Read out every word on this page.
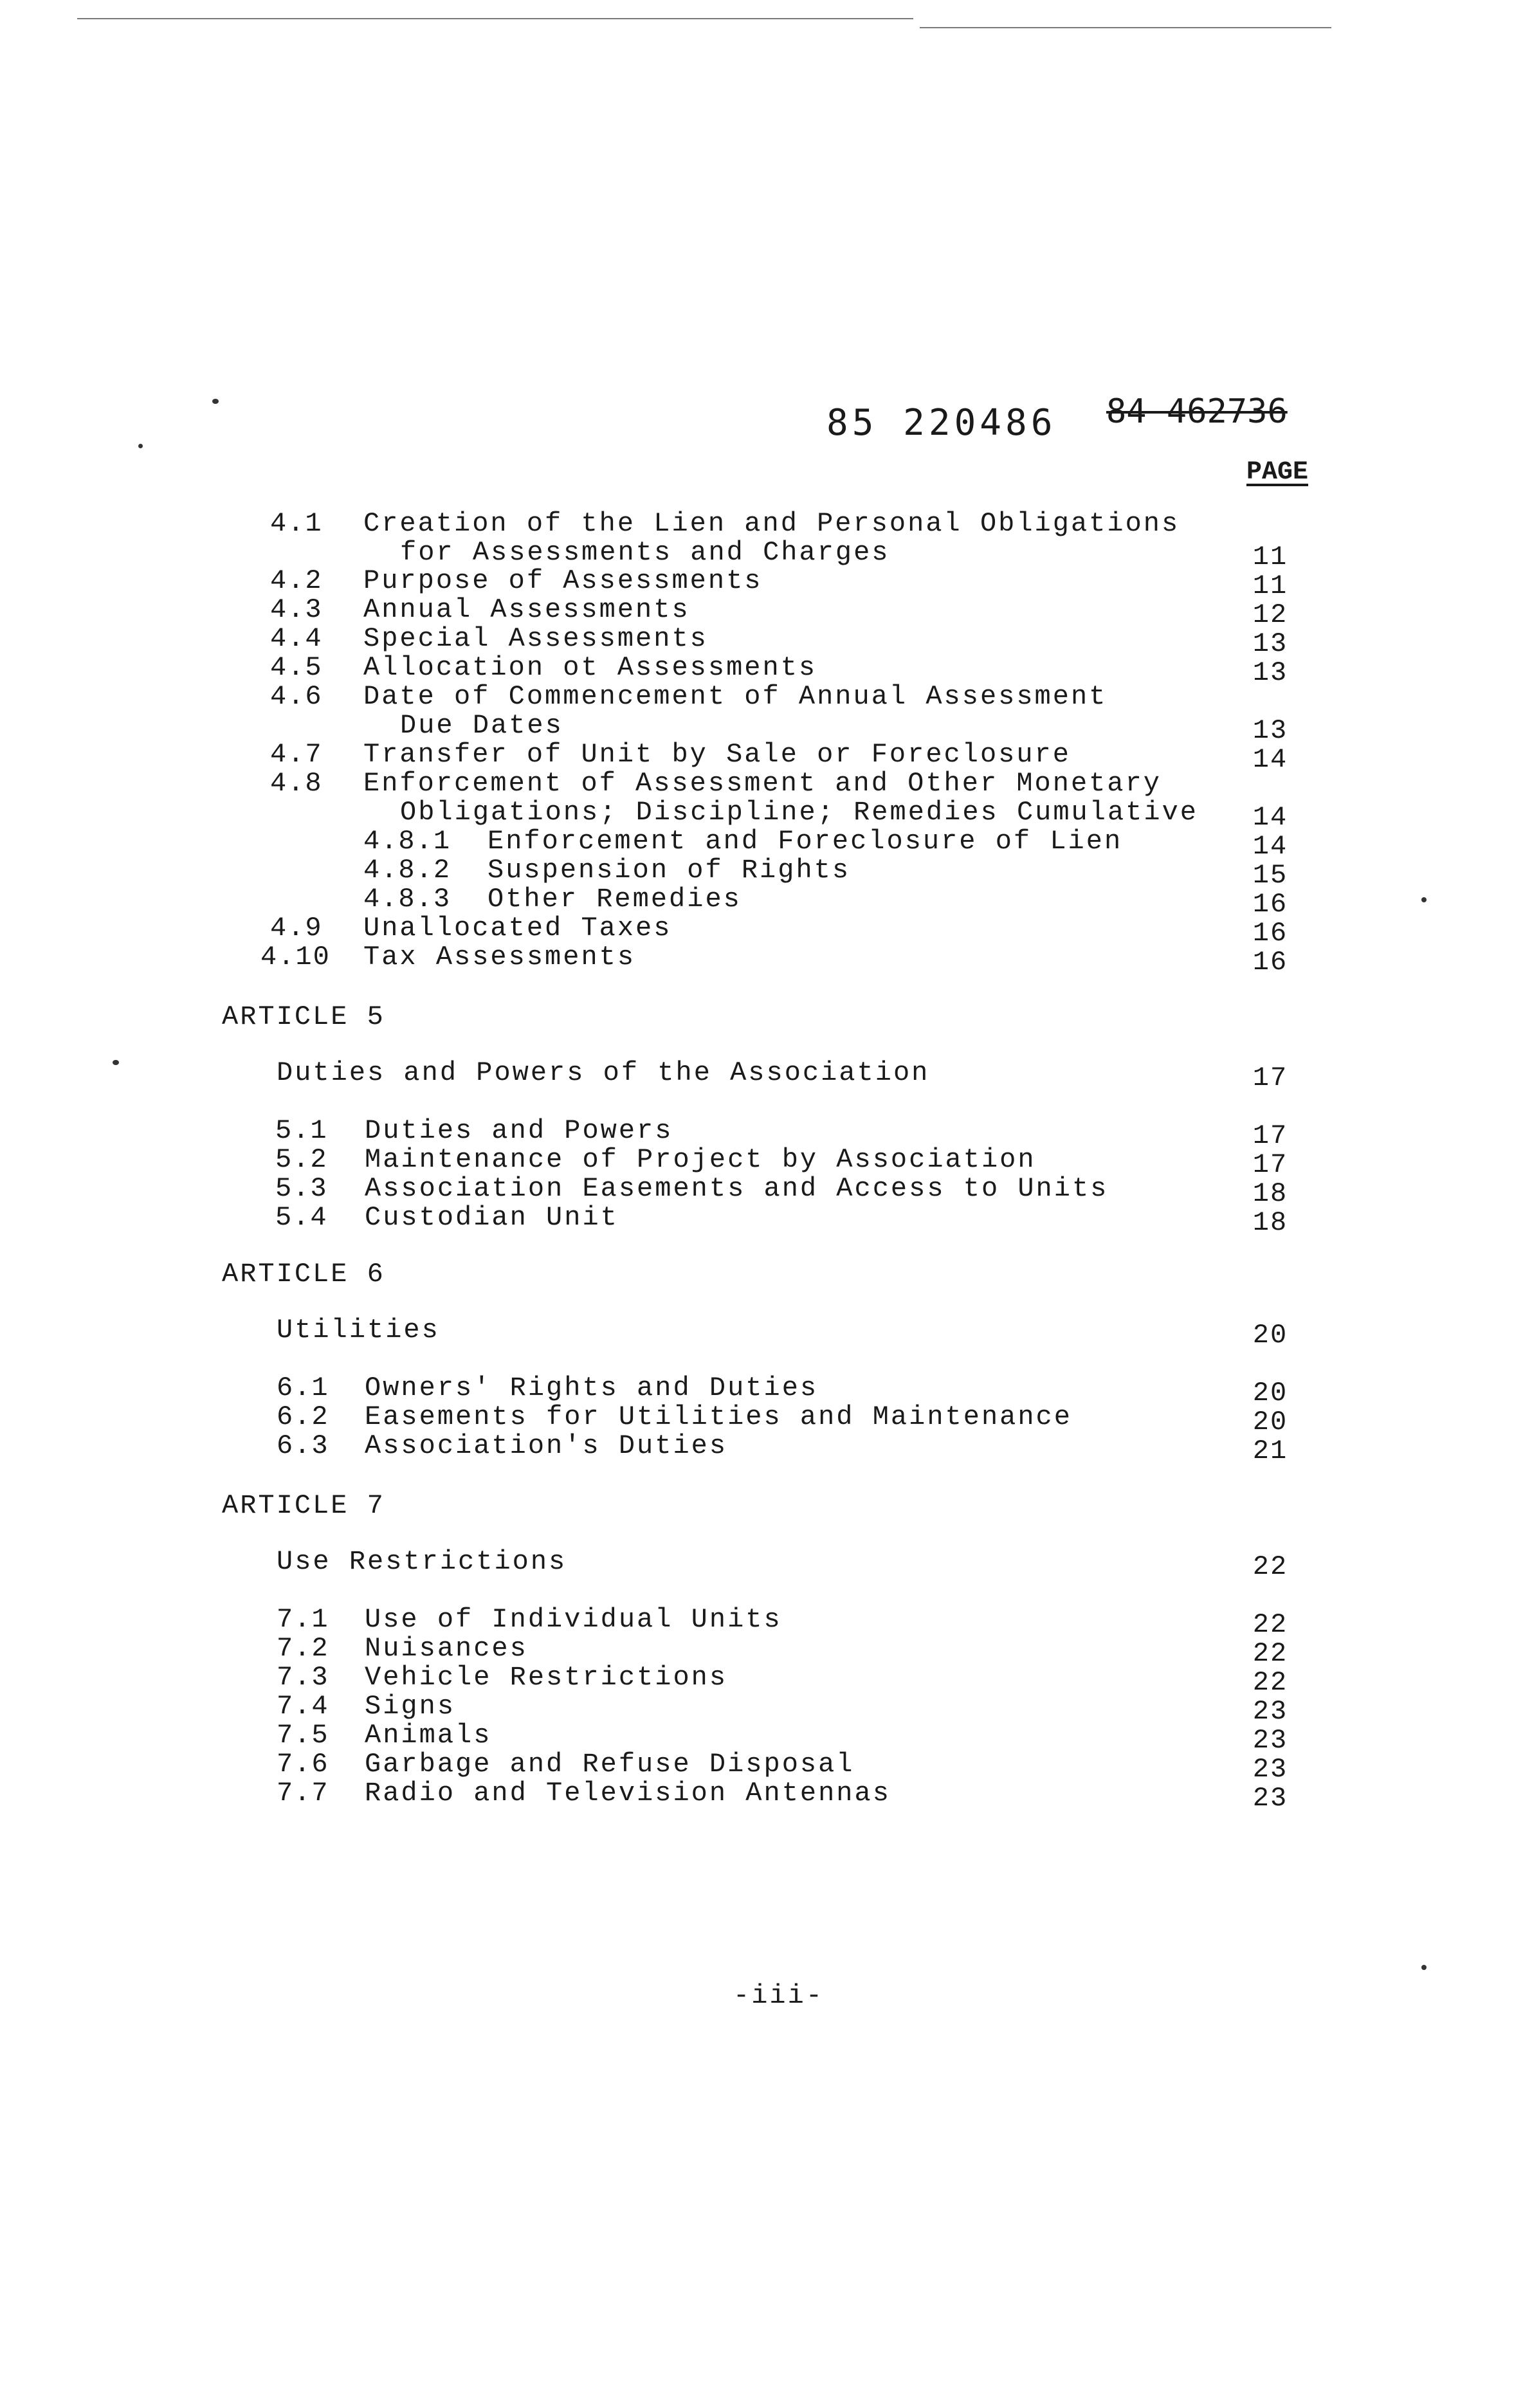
85 220486 84 462736
PAGE
4.1 Creation of the Lien and Personal Obligations
for Assessments and Charges	11
4.2 Purpose of Assessments	11
4.3 Annual Assessments	12
4.4 Special Assessments	13
4.5 Allocation ot Assessments	13
4.6 Date of Commencement of Annual Assessment
Due Dates	13
4.7 Transfer of Unit by Sale or Foreclosure	14
4.8 Enforcement of Assessment and Other Monetary
Obligations; Discipline; Remedies Cumulative	14
4.8.1 Enforcement and Foreclosure of Lien	14
4.8.2 Suspension of Rights	15
4.8.3 Other Remedies	16
4.9 Unallocated Taxes	16
4.10 Tax Assessments	16
ARTICLE 5
Duties and Powers of the Association	17
5.1 Duties and Powers	17
5.2 Maintenance of Project by Association	17
5.3 Association Easements and Access to Units	18
5.4 Custodian Unit	18
ARTICLE 6
Utilities	20
6.1 Owners' Rights and Duties	20
6.2 Easements for Utilities and Maintenance	20
6.3 Association's Duties	21
ARTICLE 7
Use Restrictions	22
7.1 Use of Individual Units	22
7.2 Nuisances	22
7.3 Vehicle Restrictions	22
7.4 Signs	23
7.5 Animals	23
7.6 Garbage and Refuse Disposal	23
7.7 Radio and Television Antennas	23
-iii-
